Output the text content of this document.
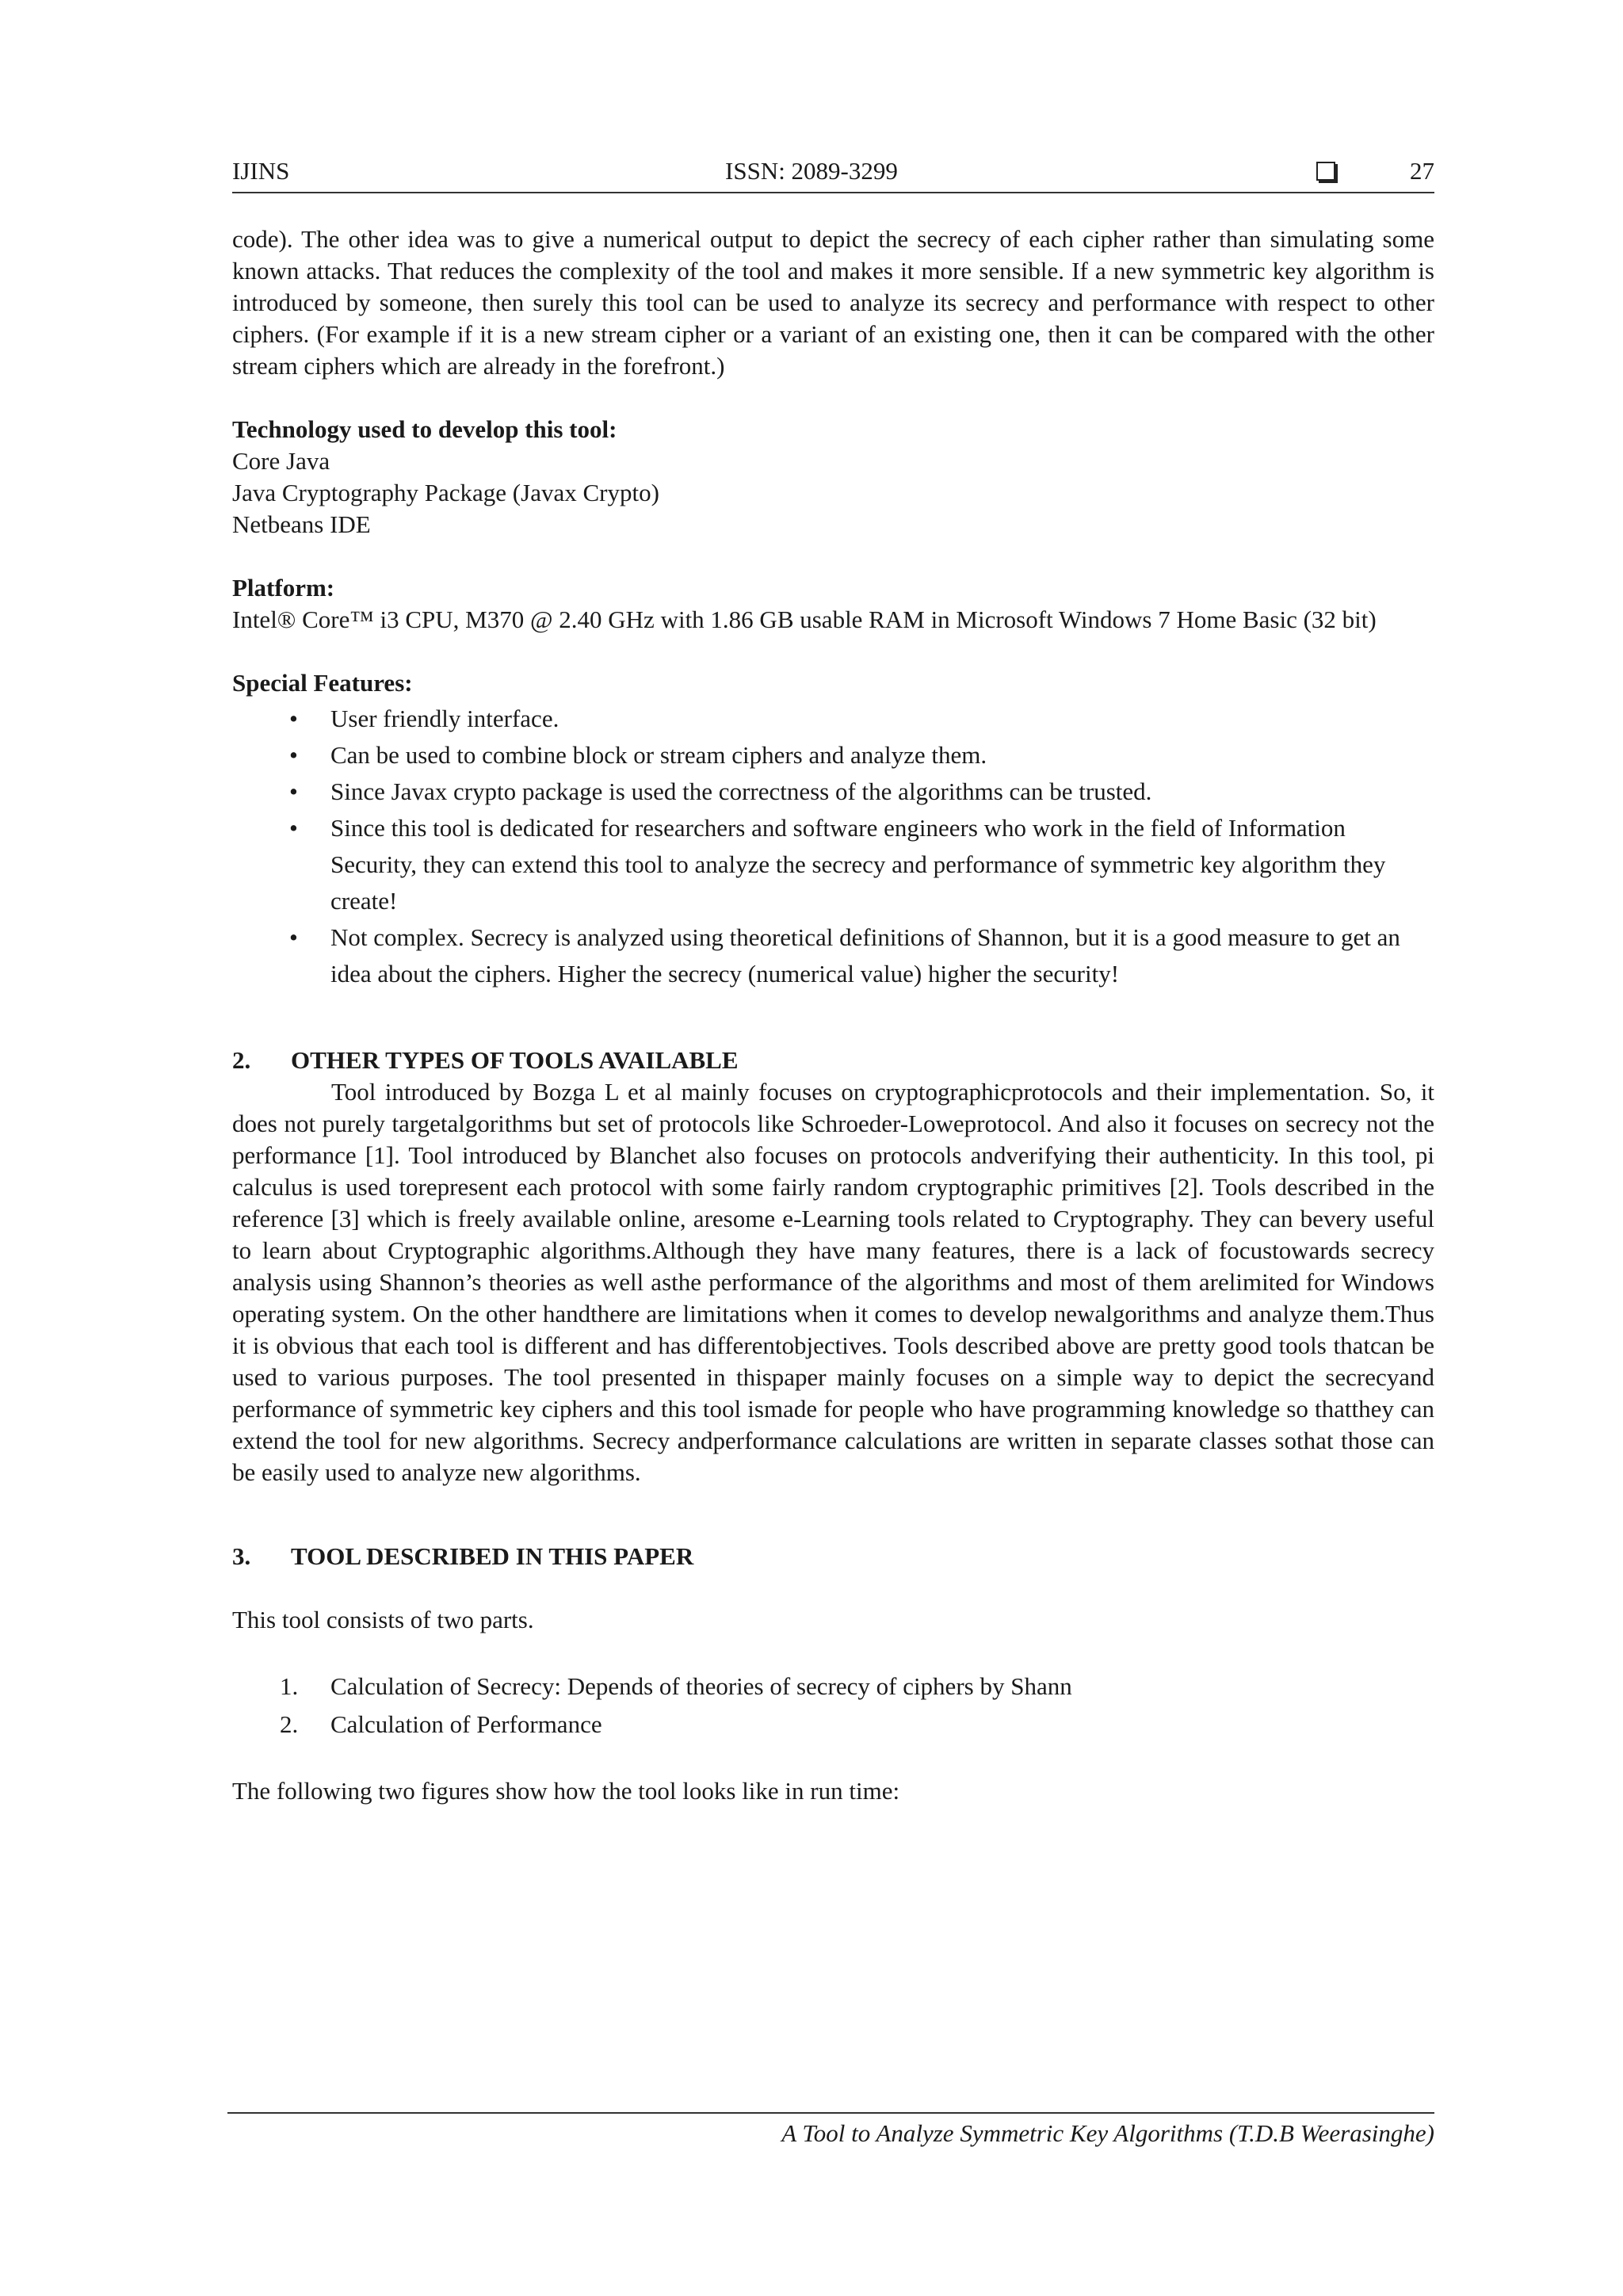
IJINS	ISSN: 2089-3299	27

code). The other idea was to give a numerical output to depict the secrecy of each cipher rather than simulating some known attacks. That reduces the complexity of the tool and makes it more sensible. If a new symmetric key algorithm is introduced by someone, then surely this tool can be used to analyze its secrecy and performance with respect to other ciphers. (For example if it is a new stream cipher or a variant of an existing one, then it can be compared with the other stream ciphers which are already in the forefront.)

Technology used to develop this tool:

Core Java

Java Cryptography Package (Javax Crypto)

Netbeans IDE

Platform:

Intel® Core™ i3 CPU, M370 @ 2.40 GHz with 1.86 GB usable RAM in Microsoft Windows 7 Home Basic (32 bit)

Special Features:

• User friendly interface.
• Can be used to combine block or stream ciphers and analyze them.
• Since Javax crypto package is used the correctness of the algorithms can be trusted.
• Since this tool is dedicated for researchers and software engineers who work in the field of Information Security, they can extend this tool to analyze the secrecy and performance of symmetric key algorithm they create!
• Not complex. Secrecy is analyzed using theoretical definitions of Shannon, but it is a good measure to get an idea about the ciphers. Higher the secrecy (numerical value) higher the security!

2. OTHER TYPES OF TOOLS AVAILABLE

Tool introduced by Bozga L et al mainly focuses on cryptographicprotocols and their implementation. So, it does not purely targetalgorithms but set of protocols like Schroeder-Loweprotocol. And also it focuses on secrecy not the performance [1]. Tool introduced by Blanchet also focuses on protocols andverifying their authenticity. In this tool, pi calculus is used torepresent each protocol with some fairly random cryptographic primitives [2]. Tools described in the reference [3] which is freely available online, aresome e-Learning tools related to Cryptography. They can bevery useful to learn about Cryptographic algorithms.Although they have many features, there is a lack of focustowards secrecy analysis using Shannon’s theories as well asthe performance of the algorithms and most of them arelimited for Windows operating system. On the other handthere are limitations when it comes to develop newalgorithms and analyze them.Thus it is obvious that each tool is different and has differentobjectives. Tools described above are pretty good tools thatcan be used to various purposes. The tool presented in thispaper mainly focuses on a simple way to depict the secrecyand performance of symmetric key ciphers and this tool ismade for people who have programming knowledge so thatthey can extend the tool for new algorithms. Secrecy andperformance calculations are written in separate classes sothat those can be easily used to analyze new algorithms.

3. TOOL DESCRIBED IN THIS PAPER

This tool consists of two parts.

1. Calculation of Secrecy: Depends of theories of secrecy of ciphers by Shann
2. Calculation of Performance

The following two figures show how the tool looks like in run time:

A Tool to Analyze Symmetric Key Algorithms (T.D.B Weerasinghe)
